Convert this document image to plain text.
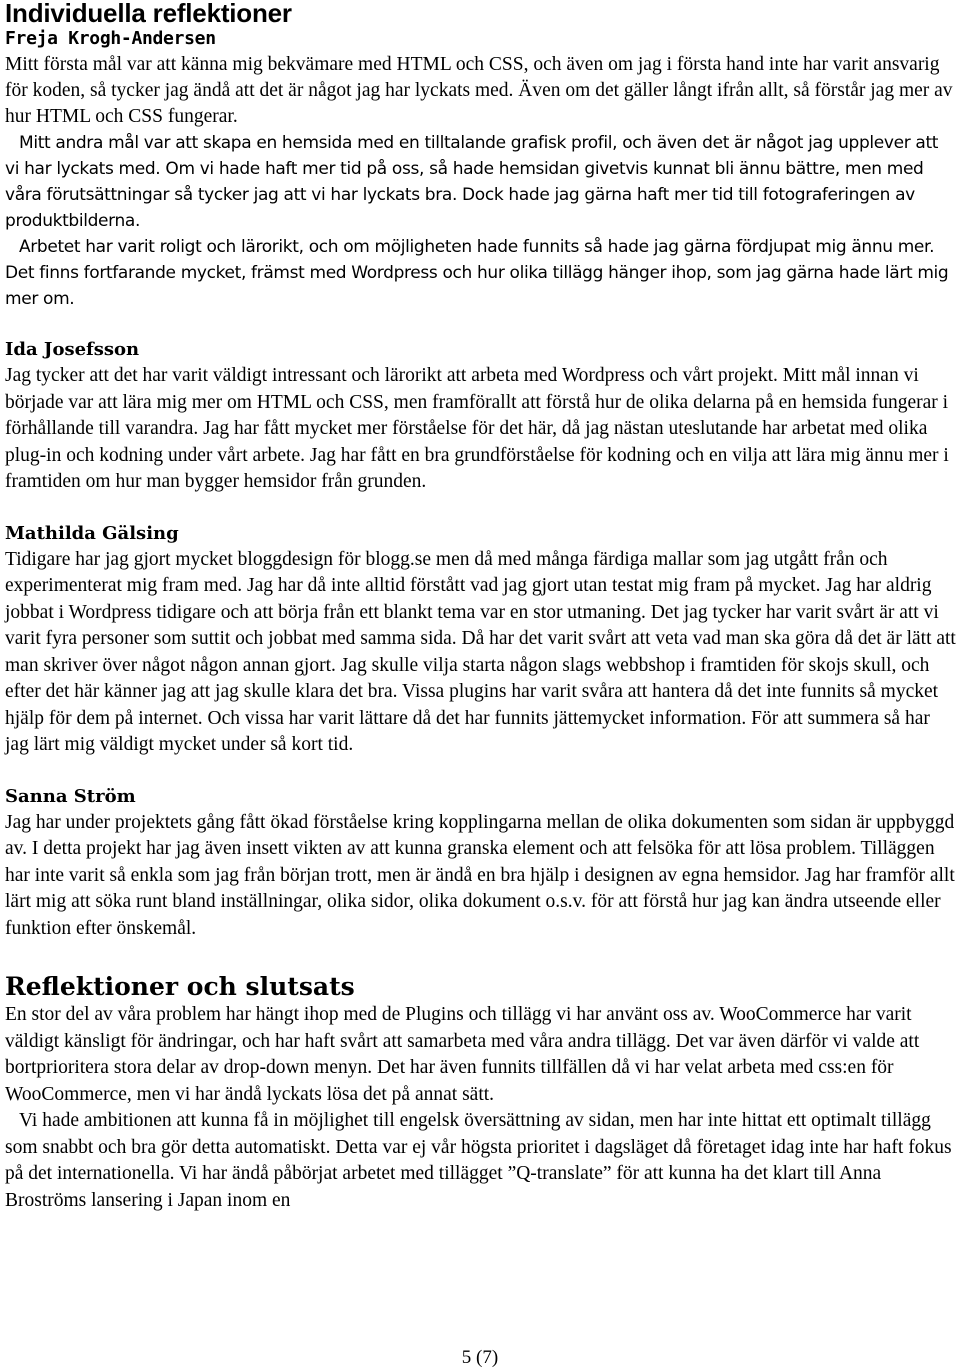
Individuella reflektioner

Freja Krogh-Andersen

Mitt första mål var att känna mig bekvämare med HTML och CSS, och även om jag i första hand inte har varit ansvarig för koden, så tycker jag ändå att det är något jag har lyckats med. Även om det gäller långt ifrån allt, så förstår jag mer av hur HTML och CSS fungerar.

Mitt andra mål var att skapa en hemsida med en tilltalande grafisk profil, och även det är något jag upplever att vi har lyckats med. Om vi hade haft mer tid på oss, så hade hemsidan givetvis kunnat bli ännu bättre, men med våra förutsättningar så tycker jag att vi har lyckats bra. Dock hade jag gärna haft mer tid till fotograferingen av produktbilderna.

Arbetet har varit roligt och lärorikt, och om möjligheten hade funnits så hade jag gärna fördjupat mig ännu mer. Det finns fortfarande mycket, främst med Wordpress och hur olika tillägg hänger ihop, som jag gärna hade lärt mig mer om.

Ida Josefsson

Jag tycker att det har varit väldigt intressant och lärorikt att arbeta med Wordpress och vårt projekt. Mitt mål innan vi började var att lära mig mer om HTML och CSS, men framförallt att förstå hur de olika delarna på en hemsida fungerar i förhållande till varandra. Jag har fått mycket mer förståelse för det här, då jag nästan uteslutande har arbetat med olika plug-in och kodning under vårt arbete. Jag har fått en bra grundförståelse för kodning och en vilja att lära mig ännu mer i framtiden om hur man bygger hemsidor från grunden.

Mathilda Gälsing

Tidigare har jag gjort mycket bloggdesign för blogg.se men då med många färdiga mallar som jag utgått från och experimenterat mig fram med. Jag har då inte alltid förstått vad jag gjort utan testat mig fram på mycket. Jag har aldrig jobbat i Wordpress tidigare och att börja från ett blankt tema var en stor utmaning. Det jag tycker har varit svårt är att vi varit fyra personer som suttit och jobbat med samma sida. Då har det varit svårt att veta vad man ska göra då det är lätt att man skriver över något någon annan gjort. Jag skulle vilja starta någon slags webbshop i framtiden för skojs skull, och efter det här känner jag att jag skulle klara det bra. Vissa plugins har varit svåra att hantera då det inte funnits så mycket hjälp för dem på internet. Och vissa har varit lättare då det har funnits jättemycket information. För att summera så har jag lärt mig väldigt mycket under så kort tid.

Sanna Ström

Jag har under projektets gång fått ökad förståelse kring kopplingarna mellan de olika dokumenten som sidan är uppbyggd av. I detta projekt har jag även insett vikten av att kunna granska element och att felsöka för att lösa problem. Tilläggen har inte varit så enkla som jag från början trott, men är ändå en bra hjälp i designen av egna hemsidor. Jag har framför allt lärt mig att söka runt bland inställningar, olika sidor, olika dokument o.s.v. för att förstå hur jag kan ändra utseende eller funktion efter önskemål.

Reflektioner och slutsats

En stor del av våra problem har hängt ihop med de Plugins och tillägg vi har använt oss av. WooCommerce har varit väldigt känsligt för ändringar, och har haft svårt att samarbeta med våra andra tillägg. Det var även därför vi valde att bortprioritera stora delar av drop-down menyn. Det har även funnits tillfällen då vi har velat arbeta med css:en för WooCommerce, men vi har ändå lyckats lösa det på annat sätt.

Vi hade ambitionen att kunna få in möjlighet till engelsk översättning av sidan, men har inte hittat ett optimalt tillägg som snabbt och bra gör detta automatiskt. Detta var ej vår högsta prioritet i dagsläget då företaget idag inte har haft fokus på det internationella. Vi har ändå påbörjat arbetet med tillägget ”Q-translate” för att kunna ha det klart till Anna Broströms lansering i Japan inom en

5 (7)
